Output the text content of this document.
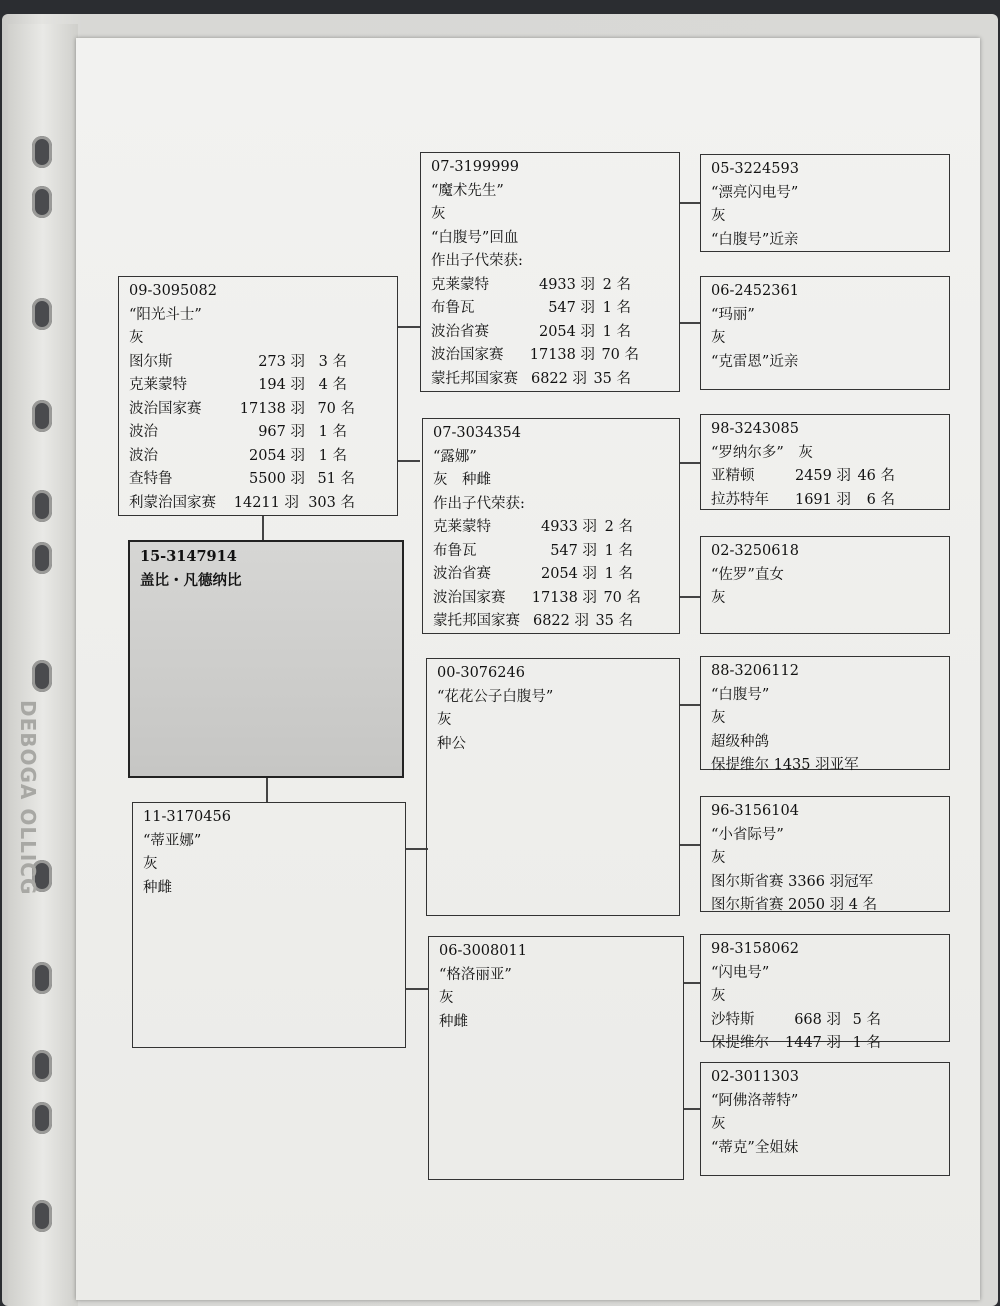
DEBOGA OLLICG
09-3095082
“阳光斗士”
灰
图尔斯	273 羽 3 名
克莱蒙特	194 羽 4 名
波治国家赛	17138 羽 70 名
波治	967 羽 1 名
波治	2054 羽 1 名
查特鲁	5500 羽 51 名
利蒙治国家赛	14211 羽 303 名
15-3147914
盖比・凡德纳比
11-3170456
“蒂亚娜”
灰
种雌
07-3199999
“魔术先生”
灰
“白腹号”回血
作出子代荣获:
克莱蒙特	4933 羽 2 名
布鲁瓦	547 羽 1 名
波治省赛	2054 羽 1 名
波治国家赛	17138 羽 70 名
蒙托邦国家赛 6822 羽 35 名
07-3034354
“露娜”
灰　种雌
作出子代荣获:
克莱蒙特	4933 羽 2 名
布鲁瓦	547 羽 1 名
波治省赛	2054 羽 1 名
波治国家赛	17138 羽 70 名
蒙托邦国家赛 6822 羽 35 名
00-3076246
“花花公子白腹号”
灰
种公
06-3008011
“格洛丽亚”
灰
种雌
05-3224593
“漂亮闪电号”
灰
“白腹号”近亲
06-2452361
“玛丽”
灰
“克雷恩”近亲
98-3243085
“罗纳尔多”　灰
亚精顿	2459 羽 46 名
拉苏特年	1691 羽	6 名
02-3250618
“佐罗”直女
灰
88-3206112
“白腹号”
灰
超级种鸽
保提维尔 1435 羽亚军
96-3156104
“小省际号”
灰
图尔斯省赛 3366 羽冠军
图尔斯省赛 2050 羽 4 名
98-3158062
“闪电号”
灰
沙特斯	668 羽 5 名
保提维尔	1447 羽 1 名
02-3011303
“阿佛洛蒂特”
灰
“蒂克”全姐妹
